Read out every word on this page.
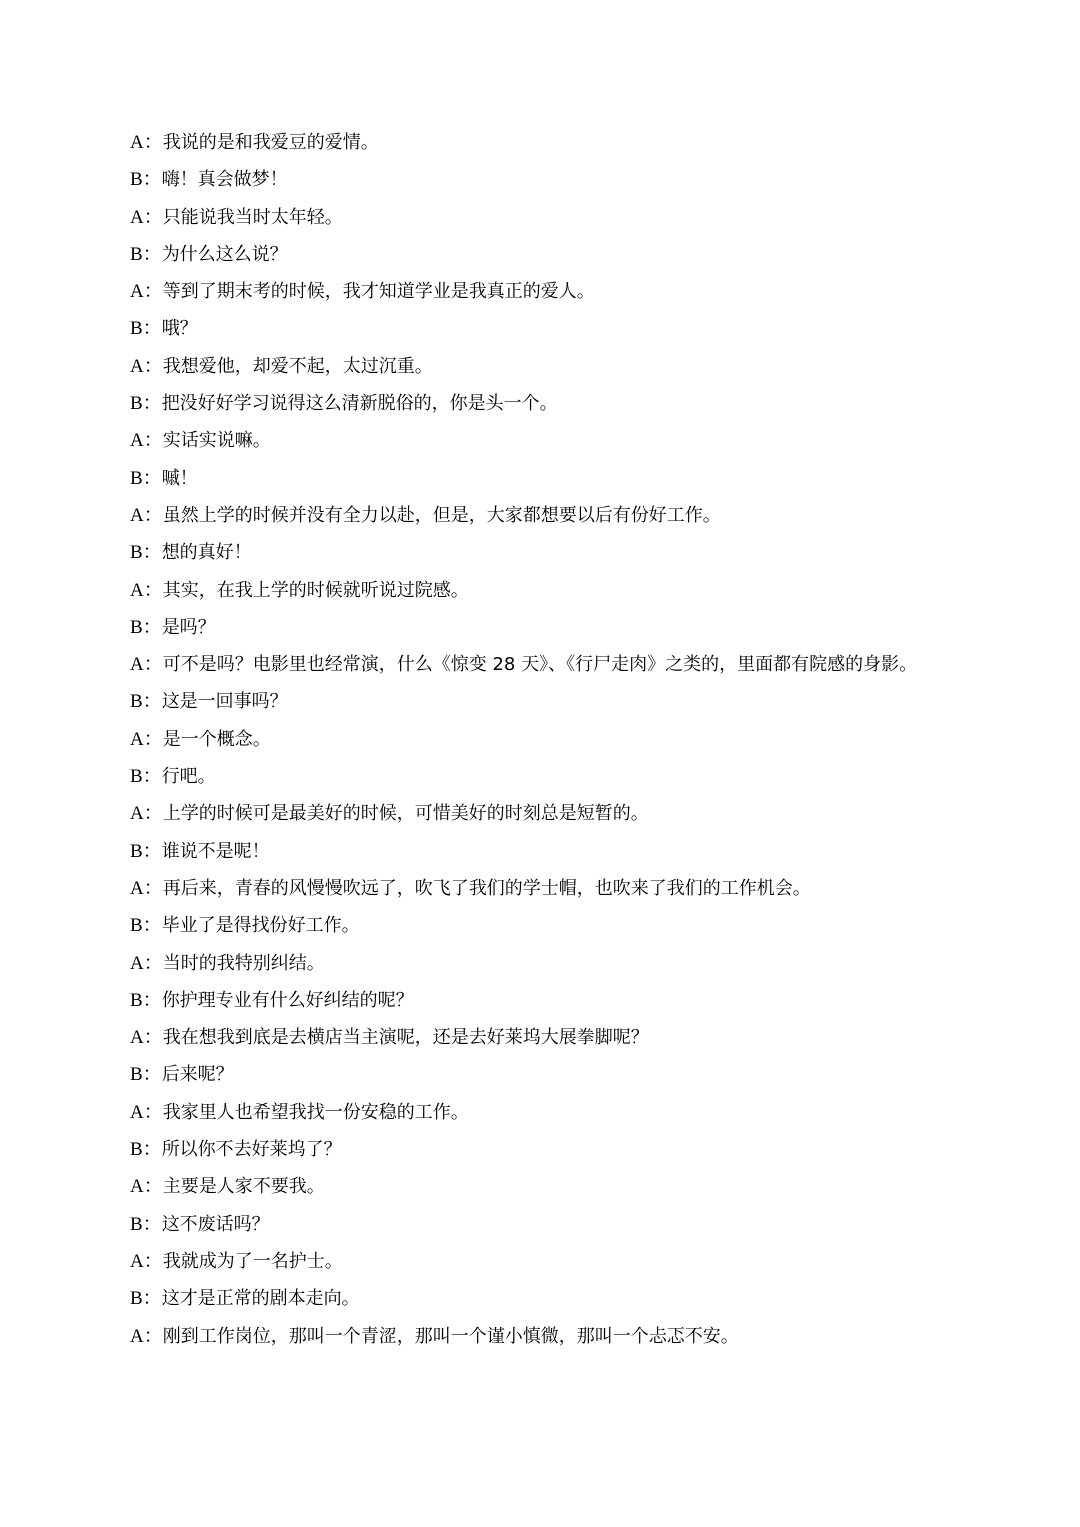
A：我说的是和我爱豆的爱情。
B：嗨！真会做梦！
A：只能说我当时太年轻。
B：为什么这么说？
A：等到了期末考的时候，我才知道学业是我真正的爱人。
B：哦？
A：我想爱他，却爱不起，太过沉重。
B：把没好好学习说得这么清新脱俗的，你是头一个。
A：实话实说嘛。
B：嘁！
A：虽然上学的时候并没有全力以赴，但是，大家都想要以后有份好工作。
B：想的真好！
A：其实，在我上学的时候就听说过院感。
B：是吗？
A：可不是吗？电影里也经常演，什么《惊变 28 天》、《行尸走肉》之类的，里面都有院感的身影。
B：这是一回事吗？
A：是一个概念。
B：行吧。
A：上学的时候可是最美好的时候，可惜美好的时刻总是短暂的。
B：谁说不是呢！
A：再后来，青春的风慢慢吹远了，吹飞了我们的学士帽，也吹来了我们的工作机会。
B：毕业了是得找份好工作。
A：当时的我特别纠结。
B：你护理专业有什么好纠结的呢？
A：我在想我到底是去横店当主演呢，还是去好莱坞大展拳脚呢？
B：后来呢？
A：我家里人也希望我找一份安稳的工作。
B：所以你不去好莱坞了？
A：主要是人家不要我。
B：这不废话吗？
A：我就成为了一名护士。
B：这才是正常的剧本走向。
A：刚到工作岗位，那叫一个青涩，那叫一个谨小慎微，那叫一个忐忑不安。
